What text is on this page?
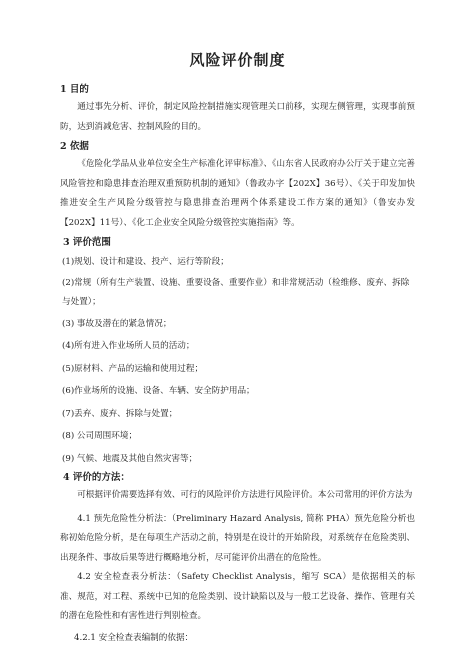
风险评价制度
1 目的

通过事先分析、评价，制定风险控制措施实现管理关口前移，实现左侧管理，实现事前预防，达到消减危害、控制风险的目的。

2 依据

《危险化学品从业单位安全生产标准化评审标准》、《山东省人民政府办公厅关于建立完善风险管控和隐患排查治理双重预防机制的通知》（鲁政办字【202X】36号）、《关于印发加快推进安全生产风险分级管控与隐患排查治理两个体系建设工作方案的通知》（鲁安办发【202X】11号）、《化工企业安全风险分级管控实施指南》等。

3 评价范围

(1)规划、设计和建设、投产、运行等阶段；

(2)常规（所有生产装置、设施、重要设备、重要作业）和非常规活动（检维修、废弃、拆除与处置）；

(3) 事故及潜在的紧急情况；

(4)所有进入作业场所人员的活动；

(5)原材料、产品的运输和使用过程；

(6)作业场所的设施、设备、车辆、安全防护用品；

(7)丢弃、废弃、拆除与处置；

(8) 公司周围环境；

(9) 气候、地震及其他自然灾害等；

4 评价的方法：

可根据评价需要选择有效、可行的风险评价方法进行风险评价。本公司常用的评价方法为

4.1 预先危险性分析法：（Preliminary Hazard Analysis, 简称 PHA）预先危险分析也称初始危险分析，是在每项生产活动之前，特别是在设计的开始阶段，对系统存在危险类别、出现条件、事故后果等进行概略地分析，尽可能评价出潜在的危险性。

4.2 安全检查表分析法：（Safety Checklist Analysis，缩写 SCA）是依据相关的标准、规范，对工程、系统中已知的危险类别、设计缺陷以及与一般工艺设备、操作、管理有关的潜在危险性和有害性进行判别检查。

4.2.1 安全检查表编制的依据：
